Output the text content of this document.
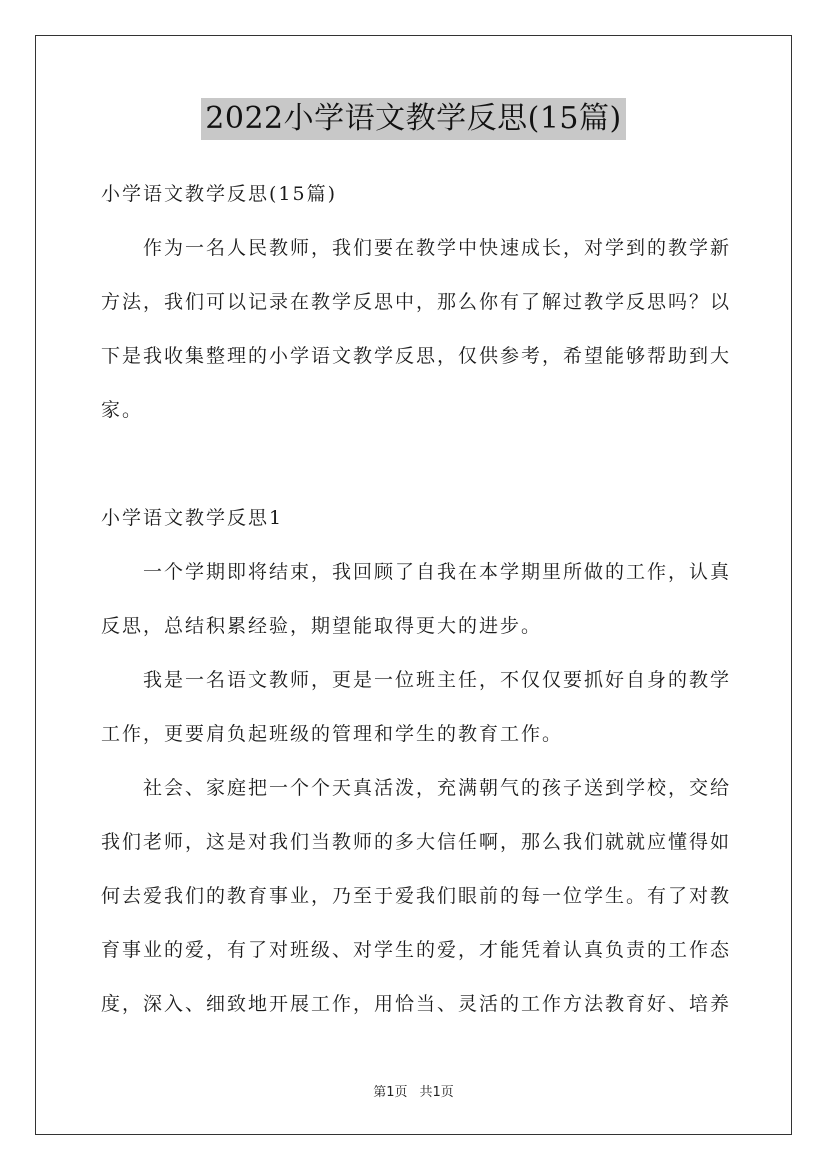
2022小学语文教学反思(15篇)
小学语文教学反思(15篇)
作为一名人民教师，我们要在教学中快速成长，对学到的教学新
方法，我们可以记录在教学反思中，那么你有了解过教学反思吗？以
下是我收集整理的小学语文教学反思，仅供参考，希望能够帮助到大
家。
小学语文教学反思1
一个学期即将结束，我回顾了自我在本学期里所做的工作，认真
反思，总结积累经验，期望能取得更大的进步。
我是一名语文教师，更是一位班主任，不仅仅要抓好自身的教学
工作，更要肩负起班级的管理和学生的教育工作。
社会、家庭把一个个天真活泼，充满朝气的孩子送到学校，交给
我们老师，这是对我们当教师的多大信任啊，那么我们就就应懂得如
何去爱我们的教育事业，乃至于爱我们眼前的每一位学生。有了对教
育事业的爱，有了对班级、对学生的爱，才能凭着认真负责的工作态
度，深入、细致地开展工作，用恰当、灵活的工作方法教育好、培养
第1页 共1页
